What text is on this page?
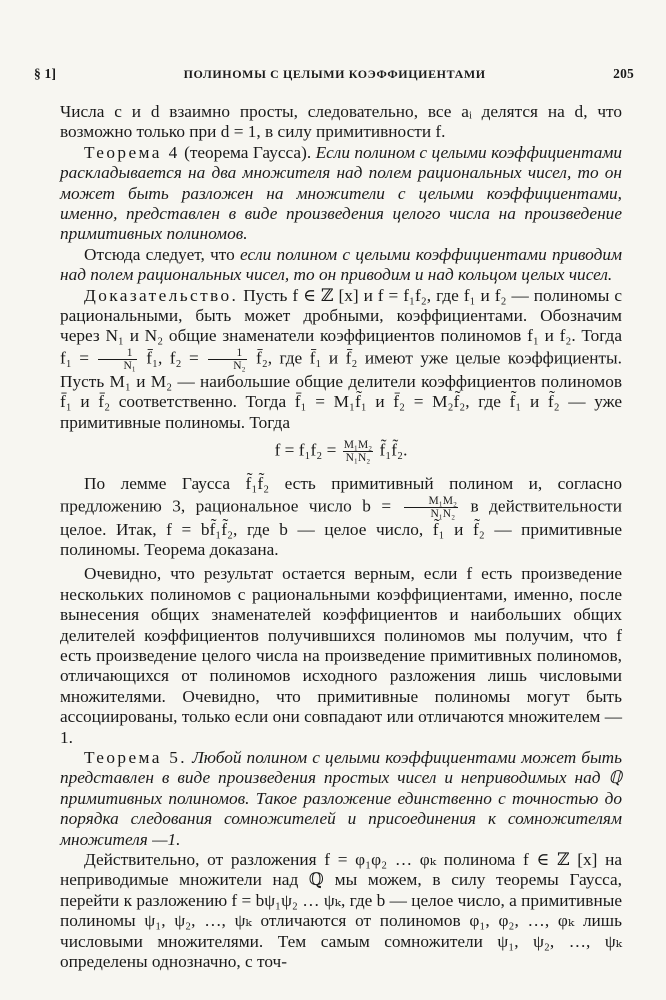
§ 1]	ПОЛИНОМЫ С ЦЕЛЫМИ КОЭФФИЦИЕНТАМИ	205

Числа c и d взаимно просты, следовательно, все aᵢ делятся на d, что возможно только при d = 1, в силу примитивности f.

Теорема 4 (теорема Гаусса). Если полином с целыми коэффициентами раскладывается на два множителя над полем рациональных чисел, то он может быть разложен на множители с целыми коэффициентами, именно, представлен в виде произведения целого числа на произведение примитивных полиномов.

Отсюда следует, что если полином с целыми коэффициентами приводим над полем рациональных чисел, то он приводим и над кольцом целых чисел.

Доказательство. Пусть f ∈ ℤ [x] и f = f₁f₂, где f₁ и f₂ — полиномы с рациональными, быть может дробными, коэффициентами. Обозначим через N₁ и N₂ общие знаменатели коэффициентов полиномов f₁ и f₂. Тогда $f_1 = \frac{1}{\text{N₁}}$ f̄₁, $f_2 = \frac{1}{\text{N₂}}$ f̄₂, где f̄₁ и f̄₂ имеют уже целые коэффициенты. Пусть M₁ и M₂ — наибольшие общие делители коэффициентов полиномов f̄₁ и f̄₂ соответственно. Тогда f̄₁ = M₁f̃₁ и f̄₂ = M₂f̃₂, где f̃₁ и f̃₂ — уже примитивные полиномы. Тогда

$f = f_1f_2 = \frac{\text{M₁M₂}}{\text{N₁N₂}}$ f̃₁f̃₂.

По лемме Гаусса f̃₁f̃₂ есть примитивный полином и, согласно предложению 3, рациональное число $b = \frac{\text{M₁M₂}}{\text{N₁N₂}}$ в действительности целое. Итак, f = bf̃₁f̃₂, где b — целое число, f̃₁ и f̃₂ — примитивные полиномы. Теорема доказана.

Очевидно, что результат остается верным, если f есть произведение нескольких полиномов с рациональными коэффициентами, именно, после вынесения общих знаменателей коэффициентов и наибольших общих делителей коэффициентов получившихся полиномов мы получим, что f есть произведение целого числа на произведение примитивных полиномов, отличающихся от полиномов исходного разложения лишь числовыми множителями. Очевидно, что примитивные полиномы могут быть ассоциированы, только если они совпадают или отличаются множителем —1.

Теорема 5. Любой полином с целыми коэффициентами может быть представлен в виде произведения простых чисел и неприводимых над ℚ примитивных полиномов. Такое разложение единственно с точностью до порядка следования сомножителей и присоединения к сомножителям множителя —1.

Действительно, от разложения f = φ₁φ₂ … φₖ полинома f ∈ ℤ [x] на неприводимые множители над ℚ мы можем, в силу теоремы Гаусса, перейти к разложению f = bψ₁ψ₂ … ψₖ, где b — целое число, а примитивные полиномы ψ₁, ψ₂, …, ψₖ отличаются от полиномов φ₁, φ₂, …, φₖ лишь числовыми множителями. Тем самым сомножители ψ₁, ψ₂, …, ψₖ определены однозначно, с точ-
